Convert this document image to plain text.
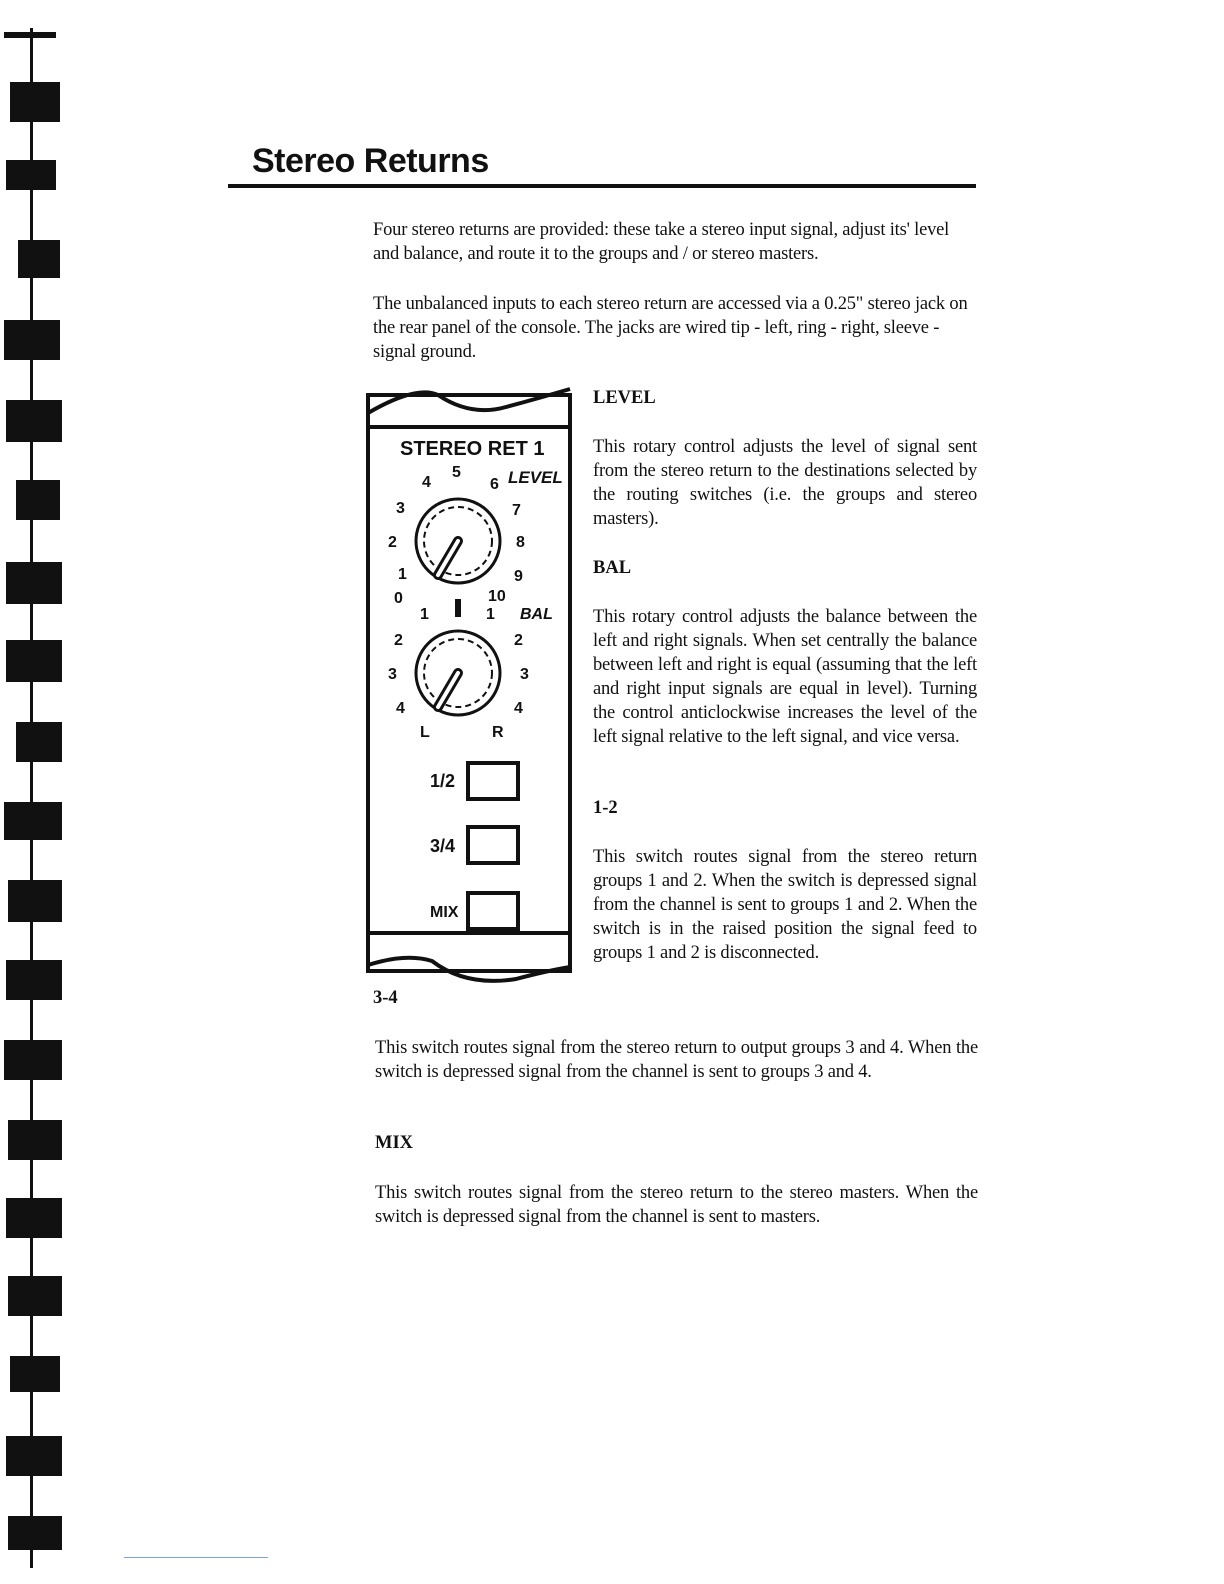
Stereo Returns

Four stereo returns are provided: these take a stereo input signal, adjust its' level and balance, and route it to the groups and / or stereo masters.

The unbalanced inputs to each stereo return are accessed via a 0.25" stereo jack on the rear panel of the console. The jacks are wired tip - left, ring - right, sleeve - signal ground.

STEREO RET 1
LEVEL
0
1
2
3
4
5
6
7
8
9
10
BAL
L
4
3
2
1	1
2
3
4
R
1/2
3/4
MIX

LEVEL

This rotary control adjusts the level of signal sent from the stereo return to the destinations selected by the routing switches (i.e. the groups and stereo masters).

BAL

This rotary control adjusts the balance between the left and right signals. When set centrally the balance between left and right is equal (assuming that the left and right input signals are equal in level). Turning the control anticlockwise increases the level of the left signal relative to the left signal, and vice versa.

1-2

This switch routes signal from the stereo return groups 1 and 2. When the switch is depressed signal from the channel is sent to groups 1 and 2. When the switch is in the raised position the signal feed to groups 1 and 2 is disconnected.

3-4

This switch routes signal from the stereo return to output groups 3 and 4. When the switch is depressed signal from the channel is sent to groups 3 and 4.

MIX

This switch routes signal from the stereo return to the stereo masters. When the switch is depressed signal from the channel is sent to masters.
